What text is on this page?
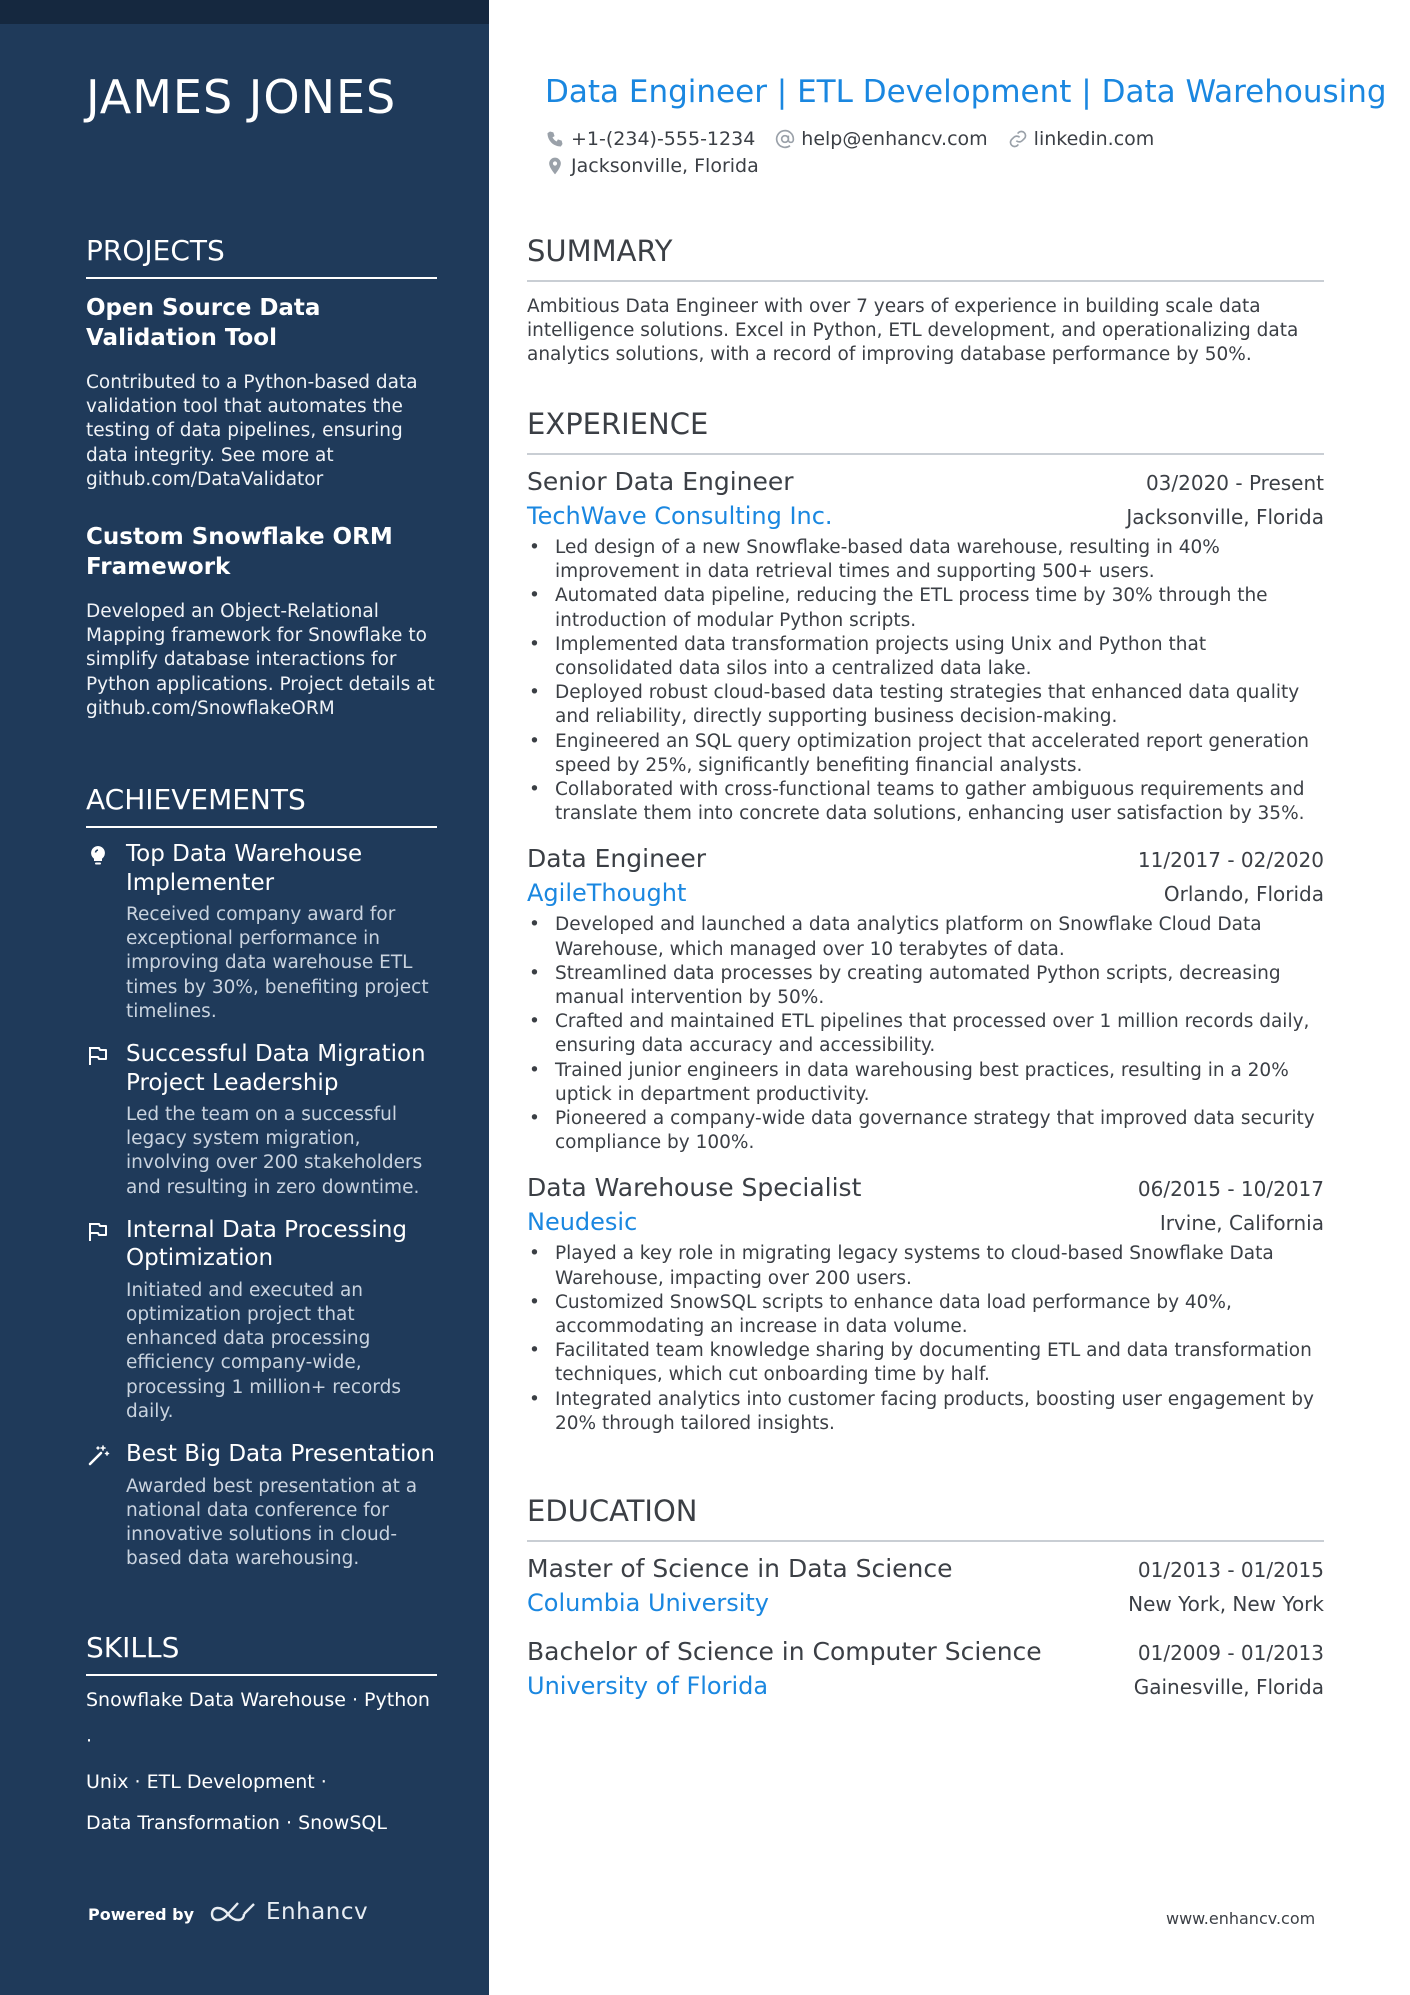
JAMES JONES
PROJECTS
Open Source Data Validation Tool
Contributed to a Python-based data validation tool that automates the testing of data pipelines, ensuring data integrity. See more at github.com/DataValidator
Custom Snowflake ORM Framework
Developed an Object-Relational Mapping framework for Snowflake to simplify database interactions for Python applications. Project details at github.com/SnowflakeORM
ACHIEVEMENTS
Top Data Warehouse Implementer
Received company award for exceptional performance in improving data warehouse ETL times by 30%, benefiting project timelines.
Successful Data Migration Project Leadership
Led the team on a successful legacy system migration, involving over 200 stakeholders and resulting in zero downtime.
Internal Data Processing Optimization
Initiated and executed an optimization project that enhanced data processing efficiency company-wide, processing 1 million+ records daily.
Best Big Data Presentation
Awarded best presentation at a national data conference for innovative solutions in cloud-based data warehousing.
SKILLS
Snowflake Data Warehouse · Python ·
Unix · ETL Development ·
Data Transformation · SnowSQL
Powered by	Enhancv
Data Engineer | ETL Development | Data Warehousing
+1-(234)-555-1234 help@enhancv.com linkedin.com
Jacksonville, Florida
SUMMARY
Ambitious Data Engineer with over 7 years of experience in building scale data intelligence solutions. Excel in Python, ETL development, and operationalizing data analytics solutions, with a record of improving database performance by 50%.
EXPERIENCE
Senior Data Engineer	03/2020 - Present
TechWave Consulting Inc.	Jacksonville, Florida
• Led design of a new Snowflake-based data warehouse, resulting in 40% improvement in data retrieval times and supporting 500+ users.
• Automated data pipeline, reducing the ETL process time by 30% through the introduction of modular Python scripts.
• Implemented data transformation projects using Unix and Python that consolidated data silos into a centralized data lake.
• Deployed robust cloud-based data testing strategies that enhanced data quality and reliability, directly supporting business decision-making.
• Engineered an SQL query optimization project that accelerated report generation speed by 25%, significantly benefiting financial analysts.
• Collaborated with cross-functional teams to gather ambiguous requirements and translate them into concrete data solutions, enhancing user satisfaction by 35%.
Data Engineer	11/2017 - 02/2020
AgileThought	Orlando, Florida
• Developed and launched a data analytics platform on Snowflake Cloud Data Warehouse, which managed over 10 terabytes of data.
• Streamlined data processes by creating automated Python scripts, decreasing manual intervention by 50%.
• Crafted and maintained ETL pipelines that processed over 1 million records daily, ensuring data accuracy and accessibility.
• Trained junior engineers in data warehousing best practices, resulting in a 20% uptick in department productivity.
• Pioneered a company-wide data governance strategy that improved data security compliance by 100%.
Data Warehouse Specialist	06/2015 - 10/2017
Neudesic	Irvine, California
• Played a key role in migrating legacy systems to cloud-based Snowflake Data Warehouse, impacting over 200 users.
• Customized SnowSQL scripts to enhance data load performance by 40%, accommodating an increase in data volume.
• Facilitated team knowledge sharing by documenting ETL and data transformation techniques, which cut onboarding time by half.
• Integrated analytics into customer facing products, boosting user engagement by 20% through tailored insights.
EDUCATION
Master of Science in Data Science	01/2013 - 01/2015
Columbia University	New York, New York
Bachelor of Science in Computer Science	01/2009 - 01/2013
University of Florida	Gainesville, Florida
www.enhancv.com
